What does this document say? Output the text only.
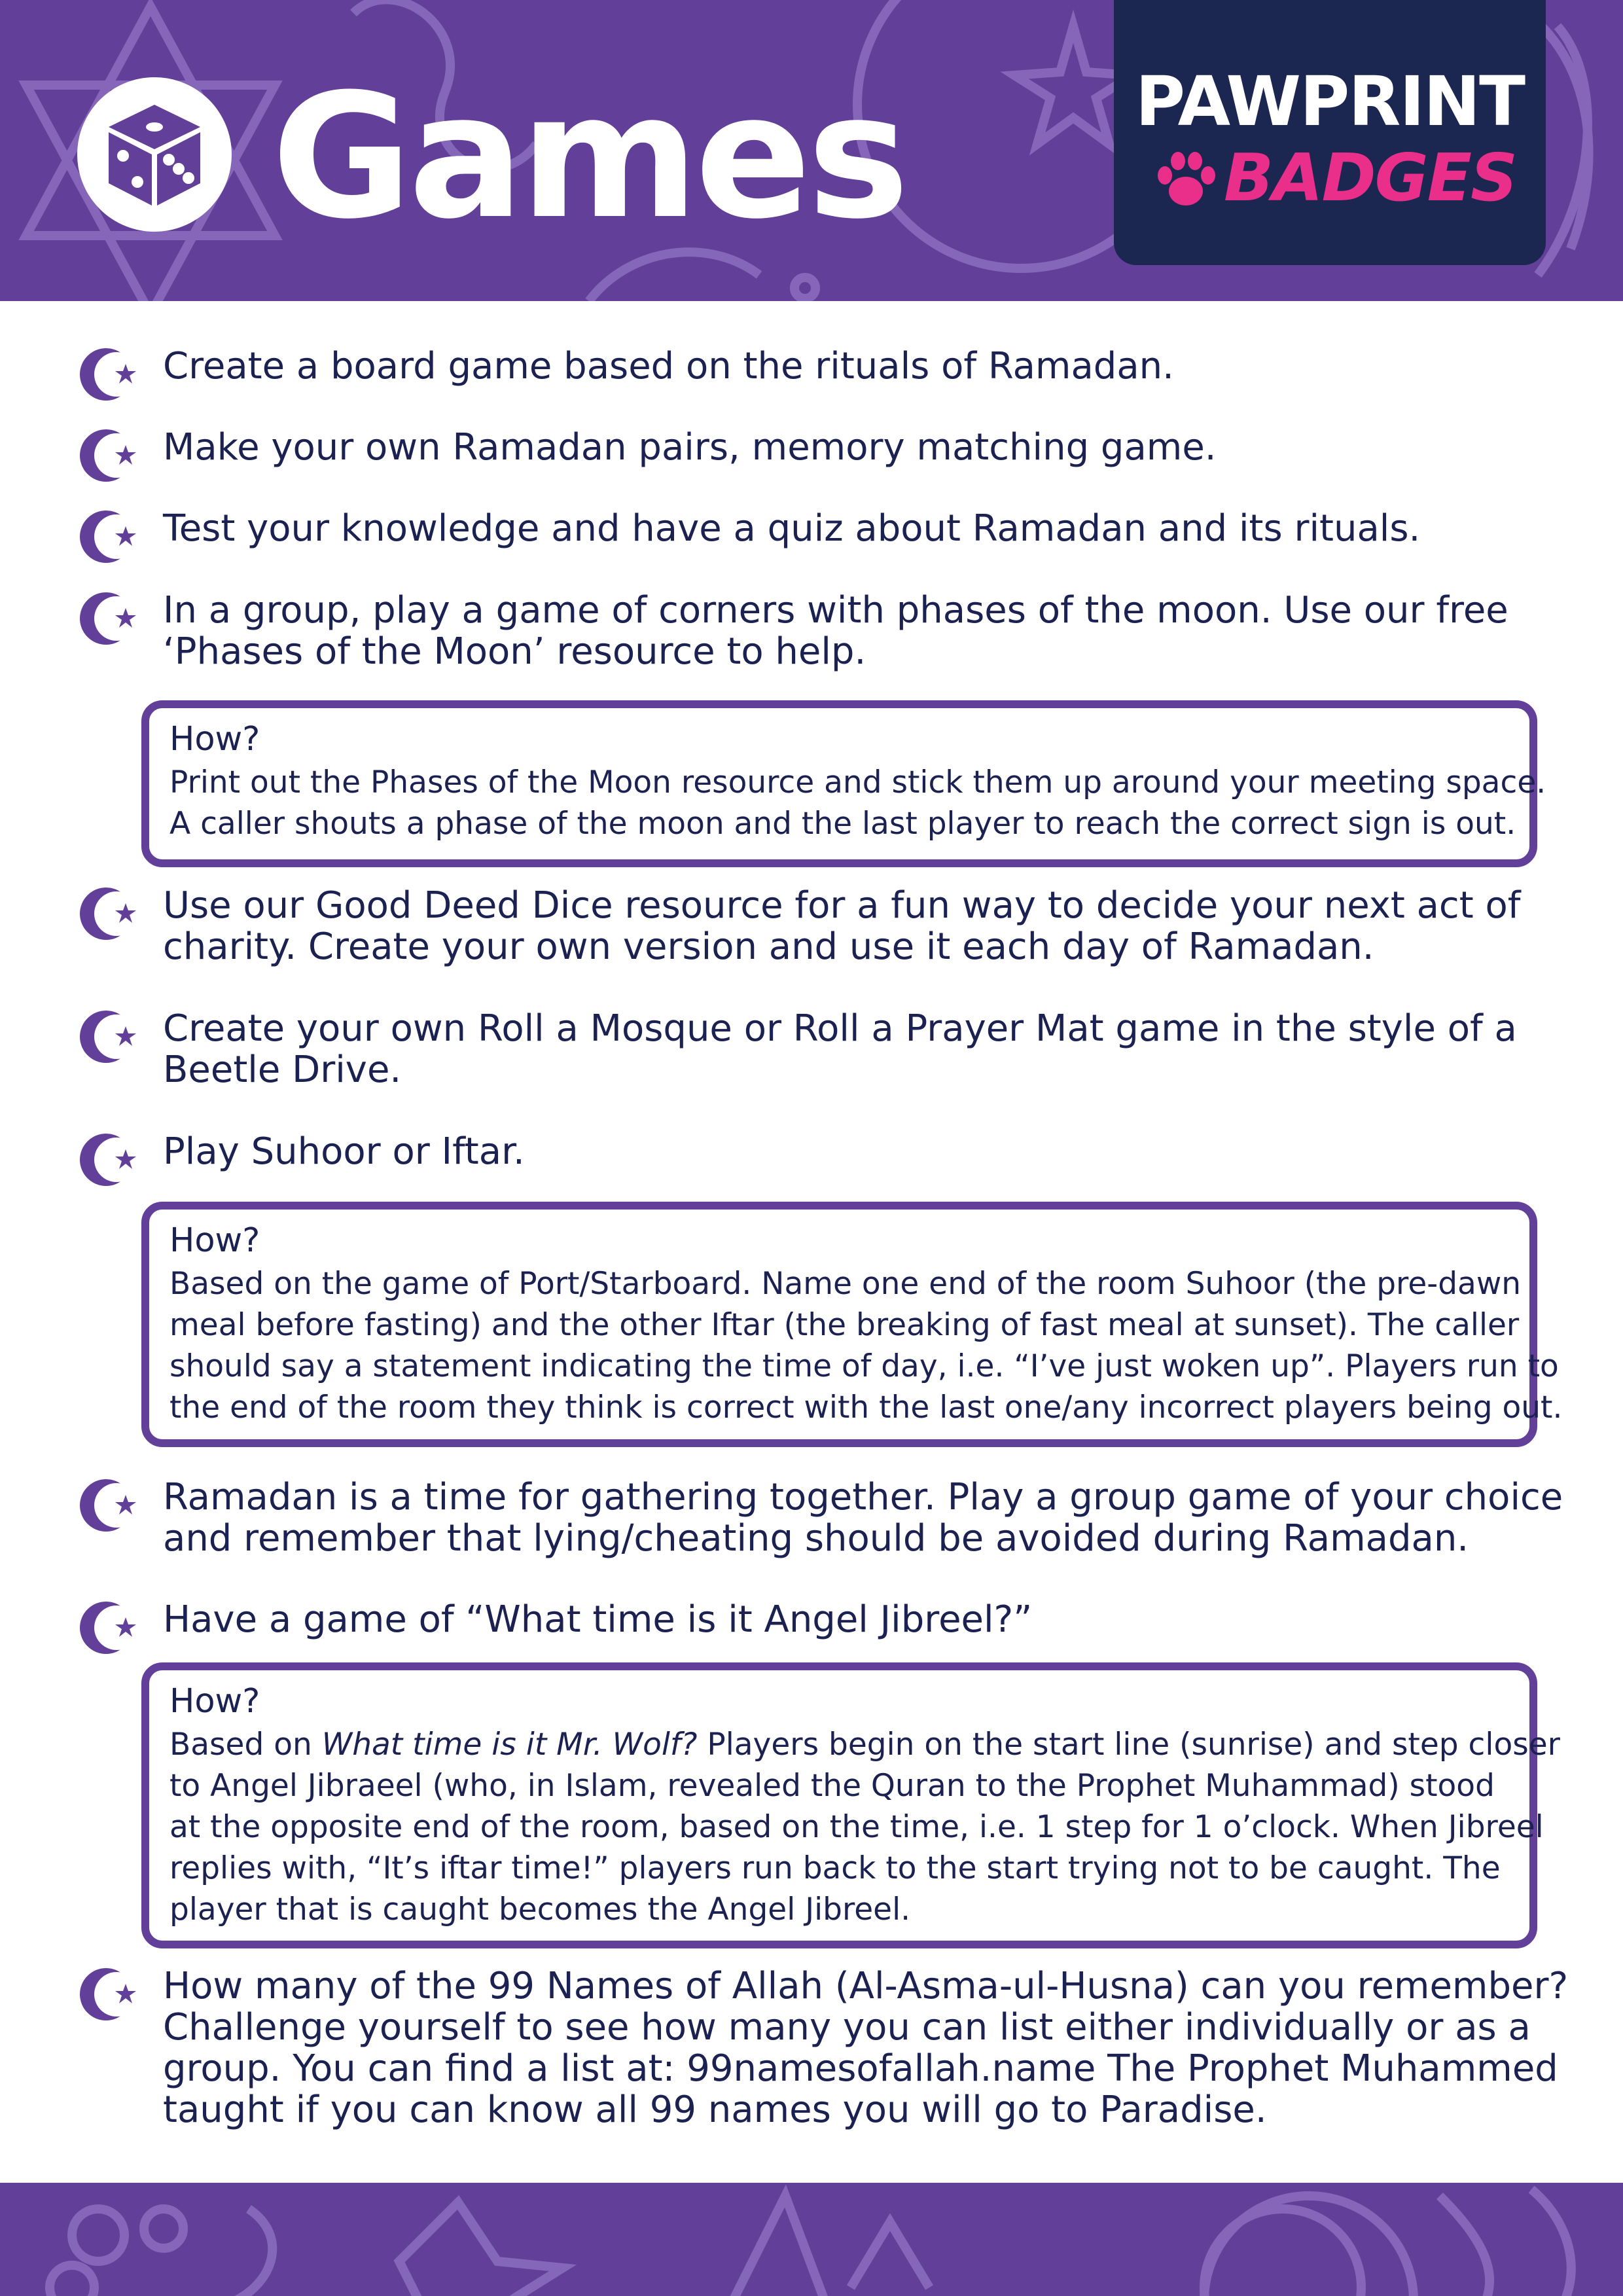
Games	PAWPRINT
BADGES
Create a board game based on the rituals of Ramadan.
Make your own Ramadan pairs, memory matching game.
Test your knowledge and have a quiz about Ramadan and its rituals.
In a group, play a game of corners with phases of the moon. Use our free
‘Phases of the Moon’ resource to help.
Use our Good Deed Dice resource for a fun way to decide your next act of
charity. Create your own version and use it each day of Ramadan.
Create your own Roll a Mosque or Roll a Prayer Mat game in the style of a
Beetle Drive.
Play Suhoor or Iftar.
Ramadan is a time for gathering together. Play a group game of your choice
and remember that lying/cheating should be avoided during Ramadan.
Have a game of “What time is it Angel Jibreel?”
How many of the 99 Names of Allah (Al-Asma-ul-Husna) can you remember?
Challenge yourself to see how many you can list either individually or as a
group. You can find a list at: 99namesofallah.name The Prophet Muhammed
taught if you can know all 99 names you will go to Paradise.
How?
Print out the Phases of the Moon resource and stick them up around your meeting space.
A caller shouts a phase of the moon and the last player to reach the correct sign is out.
How?
Based on the game of Port/Starboard. Name one end of the room Suhoor (the pre-dawn
meal before fasting) and the other Iftar (the breaking of fast meal at sunset). The caller
should say a statement indicating the time of day, i.e. “I’ve just woken up”. Players run to
the end of the room they think is correct with the last one/any incorrect players being out.
How?
Based on What time is it Mr. Wolf? Players begin on the start line (sunrise) and step closer
to Angel Jibraeel (who, in Islam, revealed the Quran to the Prophet Muhammad) stood
at the opposite end of the room, based on the time, i.e. 1 step for 1 o’clock. When Jibreel
replies with, “It’s iftar time!” players run back to the start trying not to be caught. The
player that is caught becomes the Angel Jibreel.
